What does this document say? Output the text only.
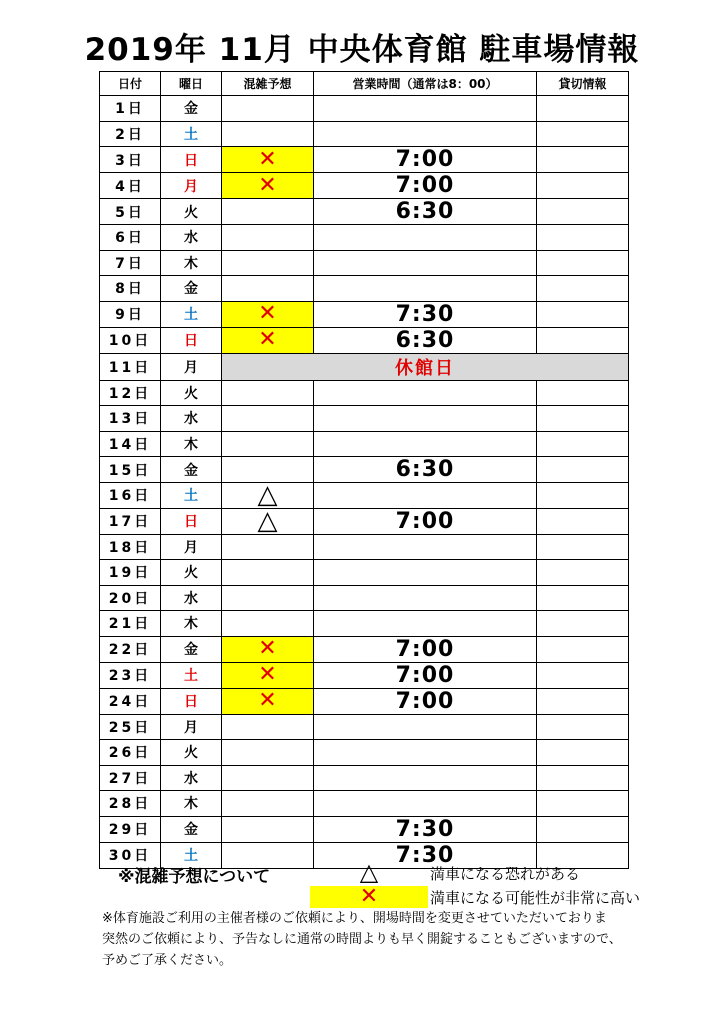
2019年 11月 中央体育館 駐車場情報
日付	曜日	混雑予想	営業時間（通常は8：00）	貸切情報
1日	金			
2日	土			
3日	日	✕	7:00	
4日	月	✕	7:00	
5日	火		6:30	
6日	水			
7日	木			
8日	金			
9日	土	✕	7:30	
10日	日	✕	6:30	
11日	月	休館日		
12日	火			
13日	水			
14日	木			
15日	金		6:30	
16日	土	△		
17日	日	△	7:00	
18日	月			
19日	火			
20日	水			
21日	木			
22日	金	✕	7:00	
23日	土	✕	7:00	
24日	日	✕	7:00	
25日	月			
26日	火			
27日	水			
28日	木			
29日	金		7:30	
30日	土		7:30	
※混雑予想について	△	満車になる恐れがある
✕	満車になる可能性が非常に高い
※体育施設ご利用の主催者様のご依頼により、開場時間を変更させていただいておりま
突然のご依頼により、予告なしに通常の時間よりも早く開錠することもございますので、
予めご了承ください。
